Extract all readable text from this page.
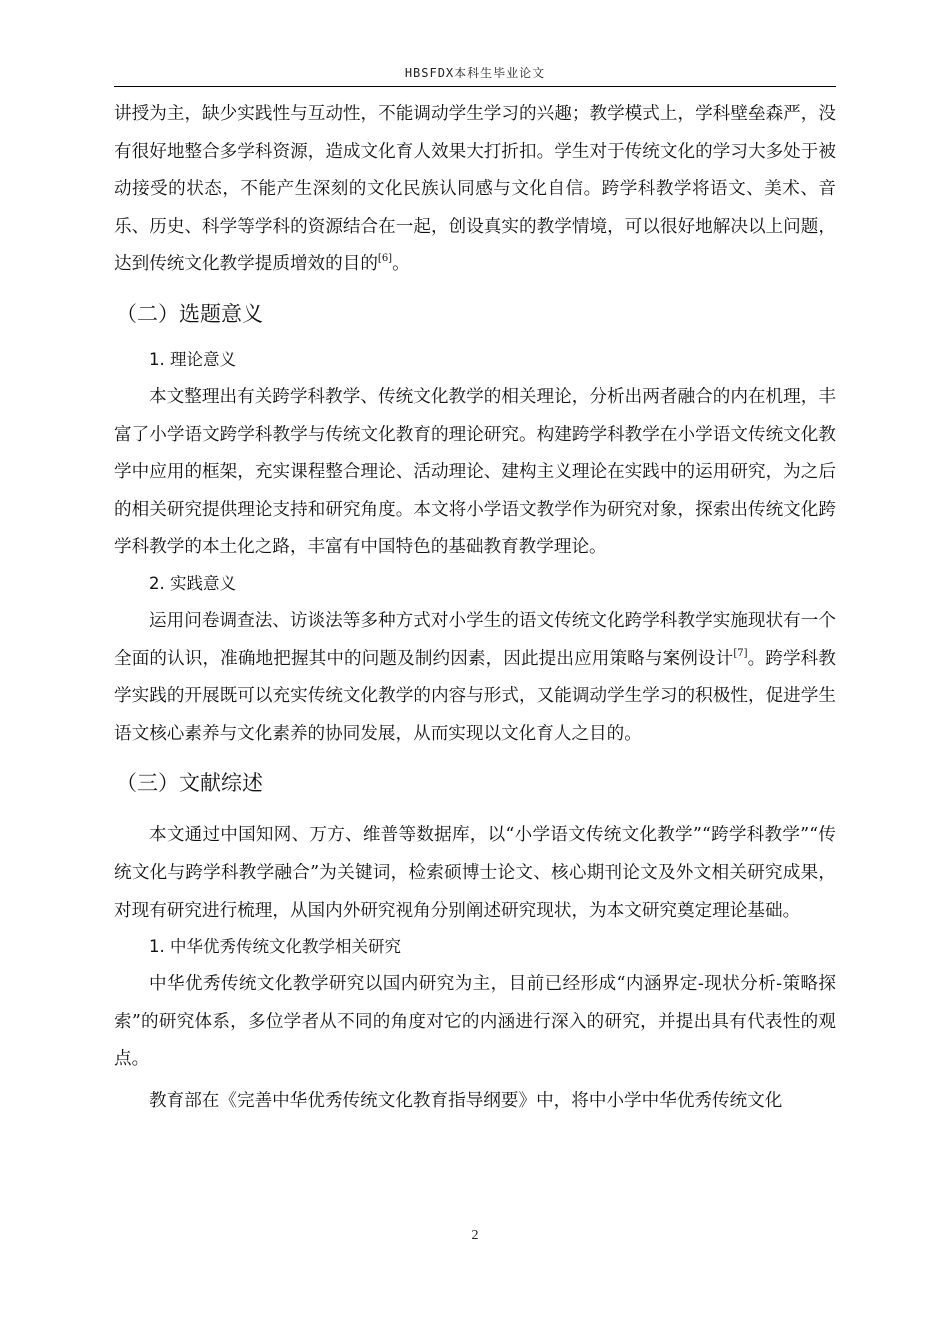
HBSFDX本科生毕业论文

讲授为主，缺少实践性与互动性，不能调动学生学习的兴趣；教学模式上，学科壁垒森严，没有很好地整合多学科资源，造成文化育人效果大打折扣。学生对于传统文化的学习大多处于被动接受的状态，不能产生深刻的文化民族认同感与文化自信。跨学科教学将语文、美术、音乐、历史、科学等学科的资源结合在一起，创设真实的教学情境，可以很好地解决以上问题，达到传统文化教学提质增效的目的[6]。

（二）选题意义
1. 理论意义

本文整理出有关跨学科教学、传统文化教学的相关理论，分析出两者融合的内在机理，丰富了小学语文跨学科教学与传统文化教育的理论研究。构建跨学科教学在小学语文传统文化教学中应用的框架，充实课程整合理论、活动理论、建构主义理论在实践中的运用研究，为之后的相关研究提供理论支持和研究角度。本文将小学语文教学作为研究对象，探索出传统文化跨学科教学的本土化之路，丰富有中国特色的基础教育教学理论。

2. 实践意义

运用问卷调查法、访谈法等多种方式对小学生的语文传统文化跨学科教学实施现状有一个全面的认识，准确地把握其中的问题及制约因素，因此提出应用策略与案例设计[7]。跨学科教学实践的开展既可以充实传统文化教学的内容与形式，又能调动学生学习的积极性，促进学生语文核心素养与文化素养的协同发展，从而实现以文化育人之目的。

（三）文献综述

本文通过中国知网、万方、维普等数据库，以“小学语文传统文化教学”“跨学科教学”“传统文化与跨学科教学融合”为关键词，检索硕博士论文、核心期刊论文及外文相关研究成果，对现有研究进行梳理，从国内外研究视角分别阐述研究现状，为本文研究奠定理论基础。

1. 中华优秀传统文化教学相关研究

中华优秀传统文化教学研究以国内研究为主，目前已经形成“内涵界定-现状分析-策略探索”的研究体系，多位学者从不同的角度对它的内涵进行深入的研究，并提出具有代表性的观点。

教育部在《完善中华优秀传统文化教育指导纲要》中，将中小学中华优秀传统文化

2
